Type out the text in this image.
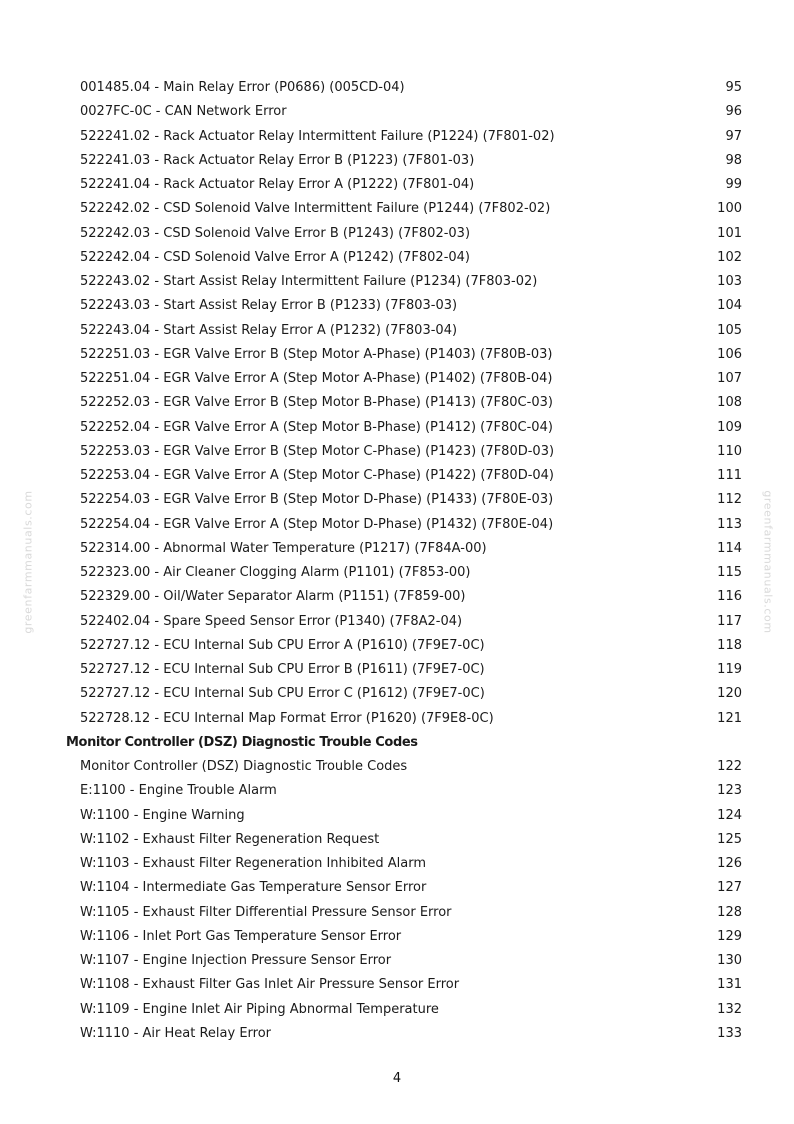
greenfarmmanuals.com	greenfarmmanuals.com
001485.04 - Main Relay Error (P0686) (005CD-04)	95
0027FC-0C - CAN Network Error	96
522241.02 - Rack Actuator Relay Intermittent Failure (P1224) (7F801-02)	97
522241.03 - Rack Actuator Relay Error B (P1223) (7F801-03)	98
522241.04 - Rack Actuator Relay Error A (P1222) (7F801-04)	99
522242.02 - CSD Solenoid Valve Intermittent Failure (P1244) (7F802-02)	100
522242.03 - CSD Solenoid Valve Error B (P1243) (7F802-03)	101
522242.04 - CSD Solenoid Valve Error A (P1242) (7F802-04)	102
522243.02 - Start Assist Relay Intermittent Failure (P1234) (7F803-02)	103
522243.03 - Start Assist Relay Error B (P1233) (7F803-03)	104
522243.04 - Start Assist Relay Error A (P1232) (7F803-04)	105
522251.03 - EGR Valve Error B (Step Motor A-Phase) (P1403) (7F80B-03)	106
522251.04 - EGR Valve Error A (Step Motor A-Phase) (P1402) (7F80B-04)	107
522252.03 - EGR Valve Error B (Step Motor B-Phase) (P1413) (7F80C-03)	108
522252.04 - EGR Valve Error A (Step Motor B-Phase) (P1412) (7F80C-04)	109
522253.03 - EGR Valve Error B (Step Motor C-Phase) (P1423) (7F80D-03)	110
522253.04 - EGR Valve Error A (Step Motor C-Phase) (P1422) (7F80D-04)	111
522254.03 - EGR Valve Error B (Step Motor D-Phase) (P1433) (7F80E-03)	112
522254.04 - EGR Valve Error A (Step Motor D-Phase) (P1432) (7F80E-04)	113
522314.00 - Abnormal Water Temperature (P1217) (7F84A-00)	114
522323.00 - Air Cleaner Clogging Alarm (P1101) (7F853-00)	115
522329.00 - Oil/Water Separator Alarm (P1151) (7F859-00)	116
522402.04 - Spare Speed Sensor Error (P1340) (7F8A2-04)	117
522727.12 - ECU Internal Sub CPU Error A (P1610) (7F9E7-0C)	118
522727.12 - ECU Internal Sub CPU Error B (P1611) (7F9E7-0C)	119
522727.12 - ECU Internal Sub CPU Error C (P1612) (7F9E7-0C)	120
522728.12 - ECU Internal Map Format Error (P1620) (7F9E8-0C)	121
Monitor Controller (DSZ) Diagnostic Trouble Codes
Monitor Controller (DSZ) Diagnostic Trouble Codes	122
E:1100 - Engine Trouble Alarm	123
W:1100 - Engine Warning	124
W:1102 - Exhaust Filter Regeneration Request	125
W:1103 - Exhaust Filter Regeneration Inhibited Alarm	126
W:1104 - Intermediate Gas Temperature Sensor Error	127
W:1105 - Exhaust Filter Differential Pressure Sensor Error	128
W:1106 - Inlet Port Gas Temperature Sensor Error	129
W:1107 - Engine Injection Pressure Sensor Error	130
W:1108 - Exhaust Filter Gas Inlet Air Pressure Sensor Error	131
W:1109 - Engine Inlet Air Piping Abnormal Temperature	132
W:1110 - Air Heat Relay Error	133
4
